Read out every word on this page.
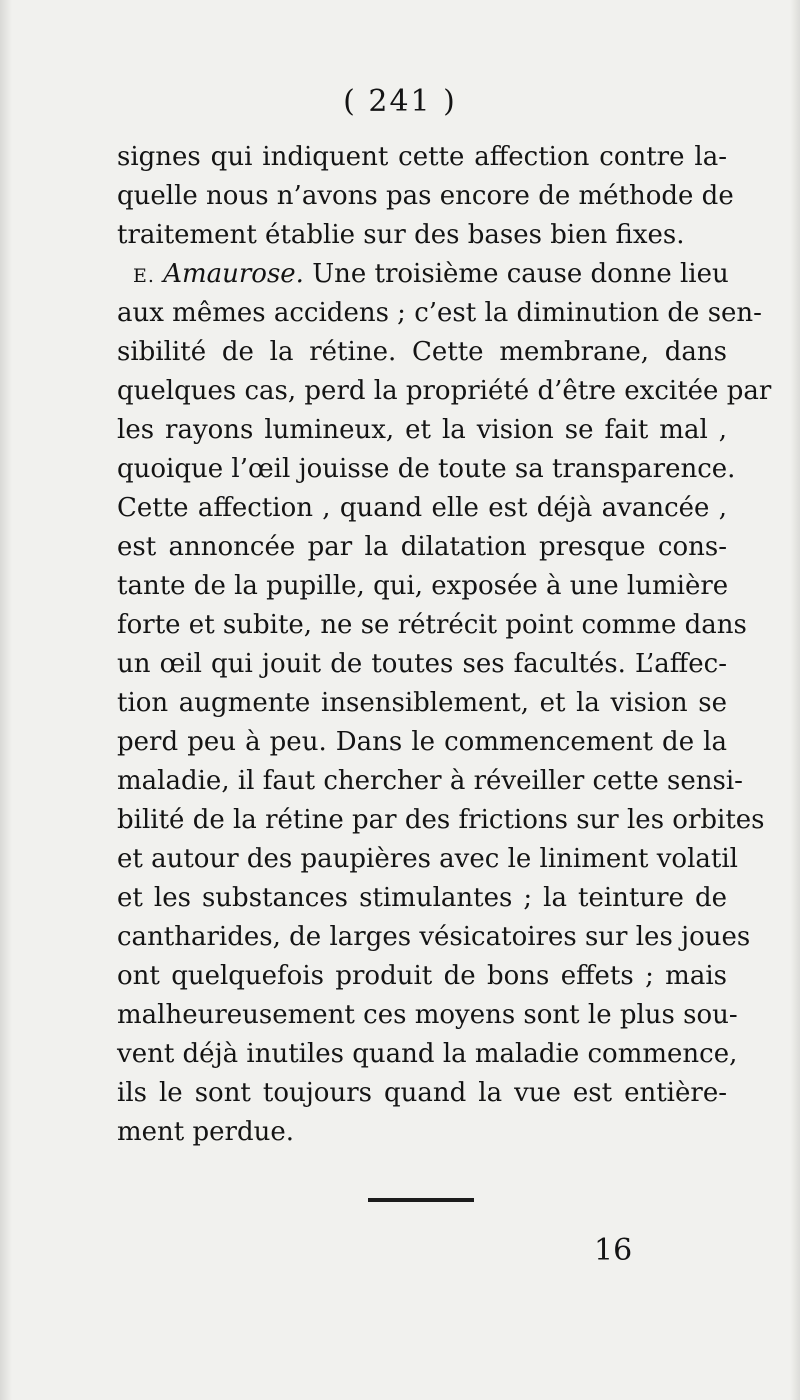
( 241 )
signes qui indiquent cette affection contre la-
quelle nous n’avons pas encore de méthode de
traitement établie sur des bases bien fixes.
E. Amaurose. Une troisième cause donne lieu
aux mêmes accidens ; c’est la diminution de sen-
sibilité de la rétine. Cette membrane, dans
quelques cas, perd la propriété d’être excitée par
les rayons lumineux, et la vision se fait mal ,
quoique l’œil jouisse de toute sa transparence.
Cette affection , quand elle est déjà avancée ,
est annoncée par la dilatation presque cons-
tante de la pupille, qui, exposée à une lumière
forte et subite, ne se rétrécit point comme dans
un œil qui jouit de toutes ses facultés. L’affec-
tion augmente insensiblement, et la vision se
perd peu à peu. Dans le commencement de la
maladie, il faut chercher à réveiller cette sensi-
bilité de la rétine par des frictions sur les orbites
et autour des paupières avec le liniment volatil
et les substances stimulantes ; la teinture de
cantharides, de larges vésicatoires sur les joues
ont quelquefois produit de bons effets ; mais
malheureusement ces moyens sont le plus sou-
vent déjà inutiles quand la maladie commence,
ils le sont toujours quand la vue est entière-
ment perdue.
16
